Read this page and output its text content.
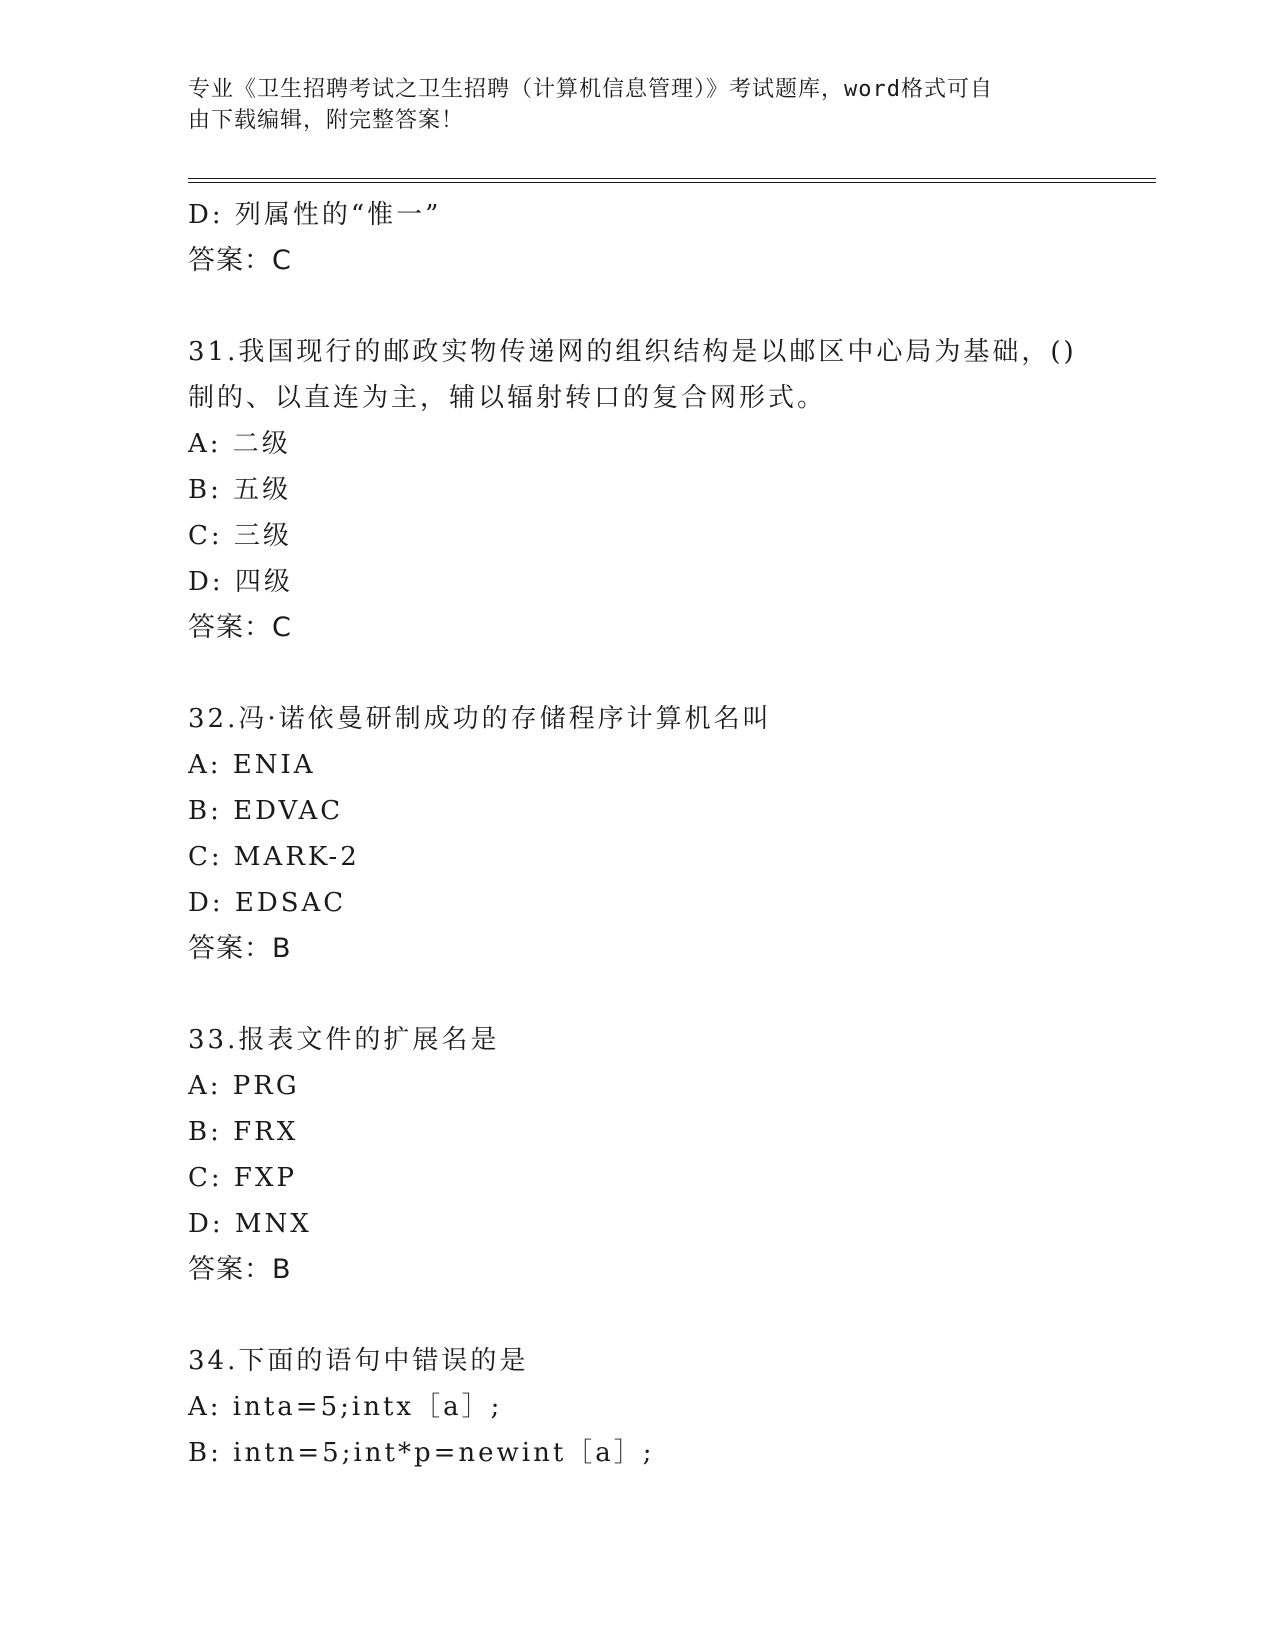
专业《卫生招聘考试之卫生招聘（计算机信息管理）》考试题库，word格式可自
由下载编辑，附完整答案！
D: 列属性的“惟一”
答案：C
31.我国现行的邮政实物传递网的组织结构是以邮区中心局为基础，()
制的、以直连为主，辅以辐射转口的复合网形式。
A: 二级
B: 五级
C: 三级
D: 四级
答案：C
32.冯·诺依曼研制成功的存储程序计算机名叫
A: ENIA
B: EDVAC
C: MARK-2
D: EDSAC
答案：B
33.报表文件的扩展名是
A: PRG
B: FRX
C: FXP
D: MNX
答案：B
34.下面的语句中错误的是
A: inta=5;intx［a］;
B: intn=5;int*p=newint［a］;
